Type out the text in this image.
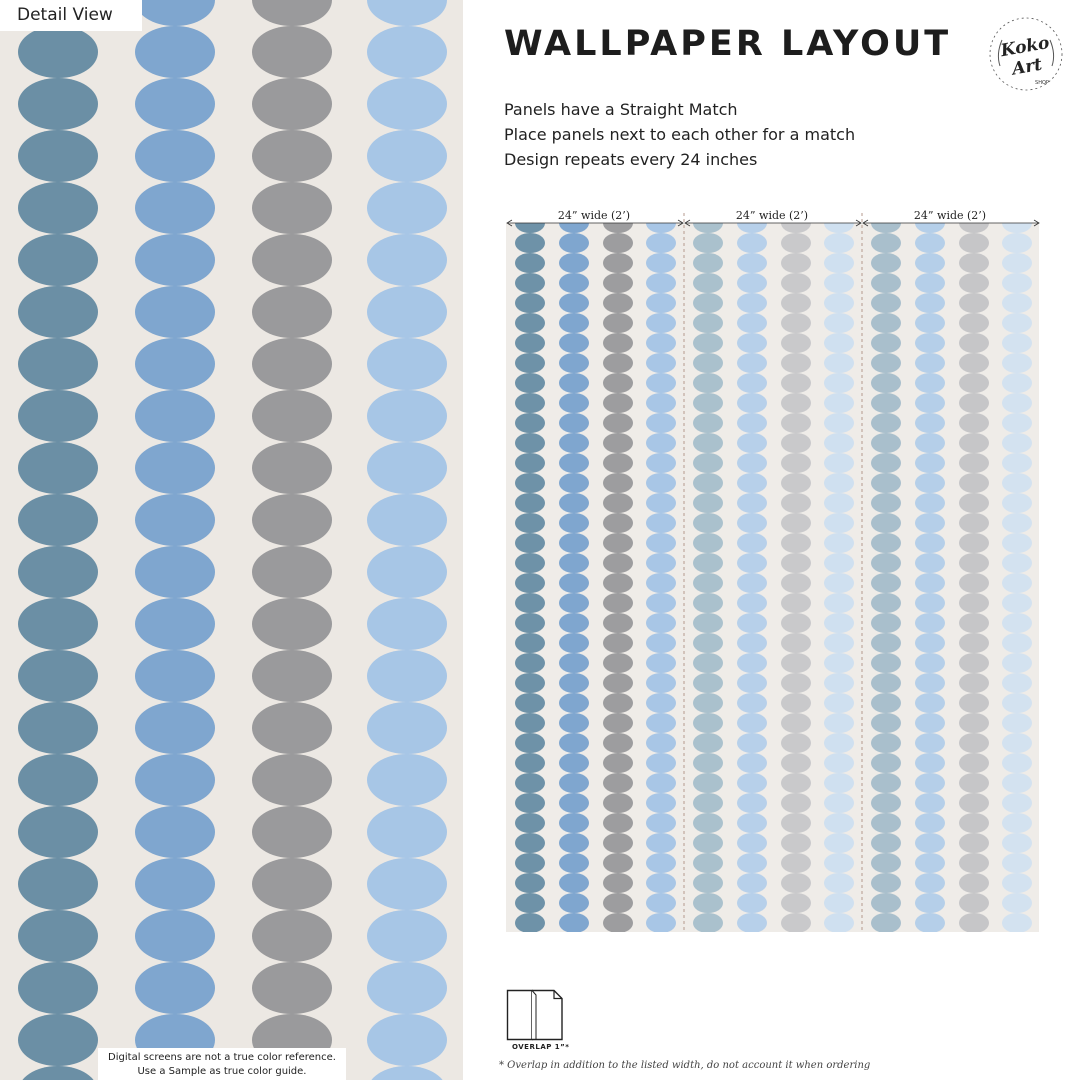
Detail View
Digital screens are not a true color reference.
Use a Sample as true color guide.
WALLPAPER LAYOUT	Koko
Art
SHOP
Panels have a Straight Match
Place panels next to each other for a match
Design repeats every 24 inches
24” wide (2’)	24” wide (2’)	24” wide (2’)
OVERLAP 1”*
* Overlap in addition to the listed width, do not account it when ordering
